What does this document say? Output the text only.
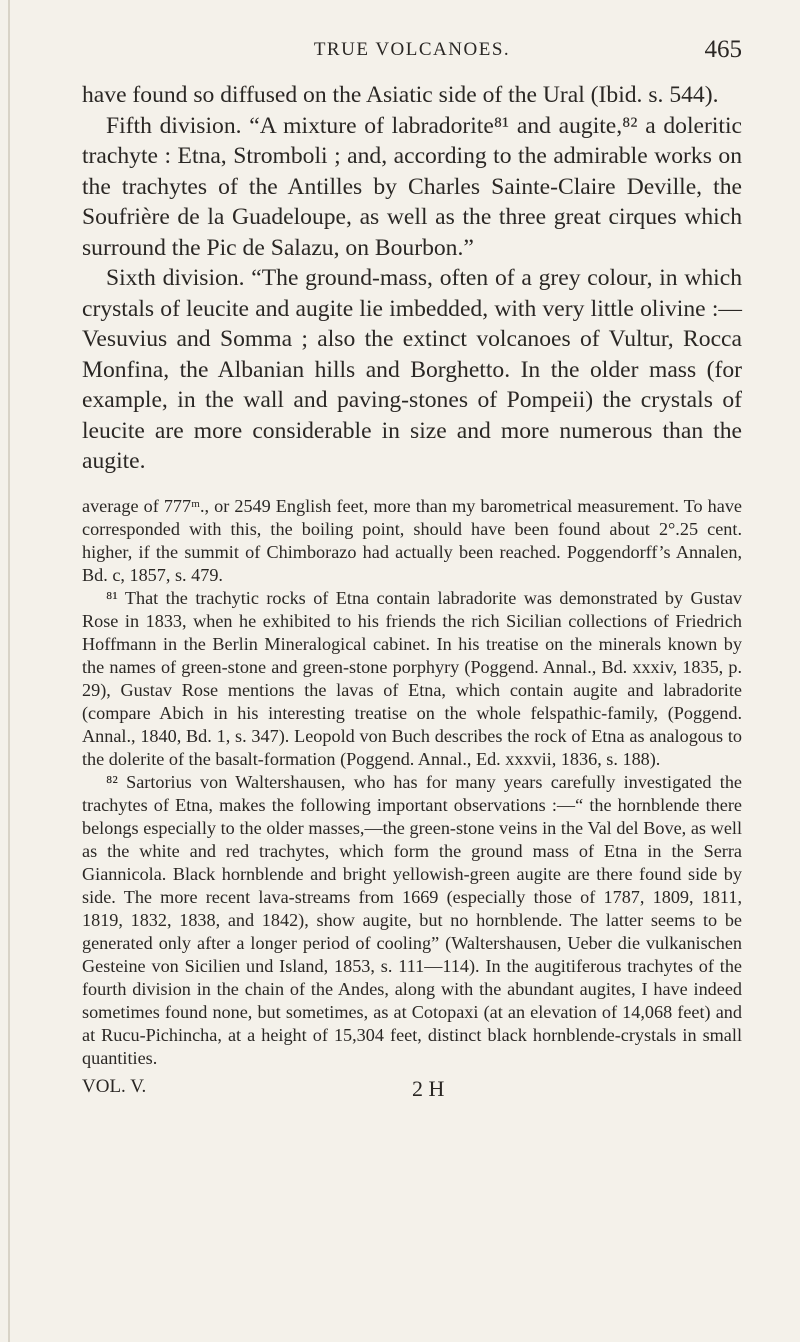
TRUE VOLCANOES.	465

have found so diffused on the Asiatic side of the Ural (Ibid. s. 544).

Fifth division. “A mixture of labradorite⁸¹ and augite,⁸² a doleritic trachyte : Etna, Stromboli ; and, according to the admirable works on the trachytes of the Antilles by Charles Sainte-Claire Deville, the Soufrière de la Guadeloupe, as well as the three great cirques which surround the Pic de Salazu, on Bourbon.”

Sixth division. “The ground-mass, often of a grey colour, in which crystals of leucite and augite lie imbedded, with very little olivine :—Vesuvius and Somma ; also the extinct volcanoes of Vultur, Rocca Monfina, the Albanian hills and Borghetto. In the older mass (for example, in the wall and paving-stones of Pompeii) the crystals of leucite are more considerable in size and more numerous than the augite.

average of 777ᵐ., or 2549 English feet, more than my barometrical measurement. To have corresponded with this, the boiling point, should have been found about 2°.25 cent. higher, if the summit of Chimborazo had actually been reached. Poggendorff’s Annalen, Bd. c, 1857, s. 479.

⁸¹ That the trachytic rocks of Etna contain labradorite was demonstrated by Gustav Rose in 1833, when he exhibited to his friends the rich Sicilian collections of Friedrich Hoffmann in the Berlin Mineralogical cabinet. In his treatise on the minerals known by the names of green-stone and green-stone porphyry (Poggend. Annal., Bd. xxxiv, 1835, p. 29), Gustav Rose mentions the lavas of Etna, which contain augite and labradorite (compare Abich in his interesting treatise on the whole felspathic-family, (Poggend. Annal., 1840, Bd. 1, s. 347). Leopold von Buch describes the rock of Etna as analogous to the dolerite of the basalt-formation (Poggend. Annal., Ed. xxxvii, 1836, s. 188).

⁸² Sartorius von Waltershausen, who has for many years carefully investigated the trachytes of Etna, makes the following important observations :—“ the hornblende there belongs especially to the older masses,—the green-stone veins in the Val del Bove, as well as the white and red trachytes, which form the ground mass of Etna in the Serra Giannicola. Black hornblende and bright yellowish-green augite are there found side by side. The more recent lava-streams from 1669 (especially those of 1787, 1809, 1811, 1819, 1832, 1838, and 1842), show augite, but no hornblende. The latter seems to be generated only after a longer period of cooling” (Waltershausen, Ueber die vulkanischen Gesteine von Sicilien und Island, 1853, s. 111—114). In the augitiferous trachytes of the fourth division in the chain of the Andes, along with the abundant augites, I have indeed sometimes found none, but sometimes, as at Cotopaxi (at an elevation of 14,068 feet) and at Rucu-Pichincha, at a height of 15,304 feet, distinct black hornblende-crystals in small quantities.

VOL. V.	2 H
